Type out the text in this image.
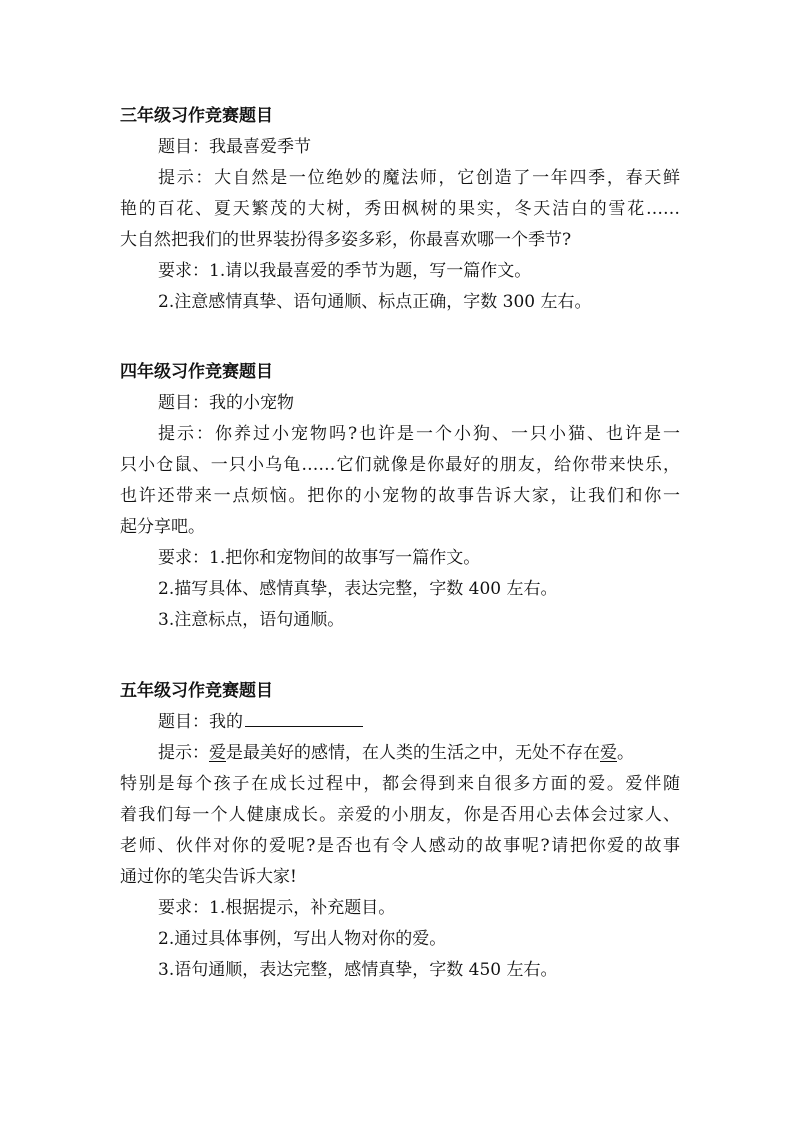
三年级习作竞赛题目

题目：我最喜爱季节

提示：大自然是一位绝妙的魔法师，它创造了一年四季，春天鲜

艳的百花、夏天繁茂的大树，秀田枫树的果实，冬天洁白的雪花……

大自然把我们的世界装扮得多姿多彩，你最喜欢哪一个季节?

要求：1.请以我最喜爱的季节为题，写一篇作文。

2.注意感情真挚、语句通顺、标点正确，字数 300 左右。

四年级习作竞赛题目

题目：我的小宠物

提示：你养过小宠物吗?也许是一个小狗、一只小猫、也许是一

只小仓鼠、一只小乌龟……它们就像是你最好的朋友，给你带来快乐，

也许还带来一点烦恼。把你的小宠物的故事告诉大家，让我们和你一

起分享吧。

要求：1.把你和宠物间的故事写一篇作文。

2.描写具体、感情真挚，表达完整，字数 400 左右。

3.注意标点，语句通顺。

五年级习作竞赛题目

题目：我的

提示：爱是最美好的感情，在人类的生活之中，无处不存在爱。

特别是每个孩子在成长过程中，都会得到来自很多方面的爱。爱伴随

着我们每一个人健康成长。亲爱的小朋友，你是否用心去体会过家人、

老师、伙伴对你的爱呢?是否也有令人感动的故事呢?请把你爱的故事

通过你的笔尖告诉大家!

要求：1.根据提示，补充题目。

2.通过具体事例，写出人物对你的爱。

3.语句通顺，表达完整，感情真挚，字数 450 左右。
